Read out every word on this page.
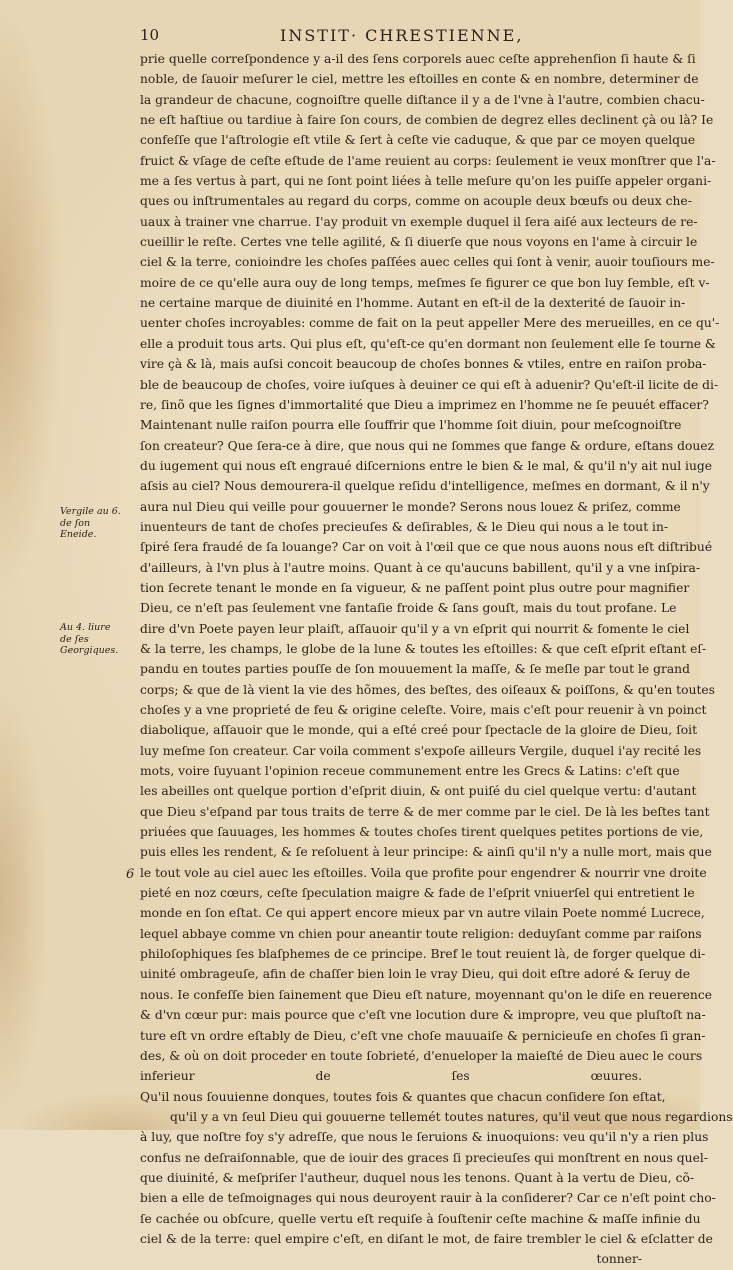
10	INSTIT· CHRESTIENNE,
Vergile au 6. de ſon Eneide.
Au 4. liure de ſes Georgiques.
6
prie quelle correſpondence y a-il des ſens corporels auec ceſte apprehenſion ſi haute & ſi
noble, de ſauoir meſurer le ciel, mettre les eſtoilles en conte & en nombre, determiner de
la grandeur de chacune, cognoiſtre quelle diſtance il y a de l'vne à l'autre, combien chacu-
ne eſt haſtiue ou tardiue à faire ſon cours, de combien de degrez elles declinent çà ou là? Ie
confeſſe que l'aſtrologie eſt vtile & ſert à ceſte vie caduque, & que par ce moyen quelque
fruict & vſage de ceſte eſtude de l'ame reuient au corps: ſeulement ie veux monſtrer que l'a-
me a ſes vertus à part, qui ne ſont point liées à telle meſure qu'on les puiſſe appeler organi-
ques ou inſtrumentales au regard du corps, comme on acouple deux bœufs ou deux che-
uaux à trainer vne charrue. I'ay produit vn exemple duquel il ſera aiſé aux lecteurs de re-
cueillir le reſte. Certes vne telle agilité, & ſi diuerſe que nous voyons en l'ame à circuir le
ciel & la terre, conioindre les choſes paſſées auec celles qui ſont à venir, auoir touſiours me-
moire de ce qu'elle aura ouy de long temps, meſmes ſe figurer ce que bon luy ſemble, eſt v-
ne certaine marque de diuinité en l'homme. Autant en eſt-il de la dexterité de ſauoir in-
uenter choſes incroyables: comme de fait on la peut appeller Mere des merueilles, en ce qu'-
elle a produit tous arts. Qui plus eſt, qu'eſt-ce qu'en dormant non ſeulement elle ſe tourne &
vire çà & là, mais auſsi concoit beaucoup de choſes bonnes & vtiles, entre en raiſon proba-
ble de beaucoup de choſes, voire iuſques à deuiner ce qui eſt à aduenir? Qu'eſt-il licite de di-
re, ſinõ que les ſignes d'immortalité que Dieu a imprimez en l'homme ne ſe peuuét effacer?
Maintenant nulle raiſon pourra elle ſouffrir que l'homme ſoit diuin, pour meſcognoiſtre
ſon createur? Que ſera-ce à dire, que nous qui ne ſommes que fange & ordure, eſtans douez
du iugement qui nous eſt engraué diſcernions entre le bien & le mal, & qu'il n'y ait nul iuge
aſsis au ciel? Nous demourera-il quelque reſidu d'intelligence, meſmes en dormant, & il n'y
aura nul Dieu qui veille pour gouuerner le monde? Serons nous louez & priſez, comme
inuenteurs de tant de choſes precieuſes & deſirables, & le Dieu qui nous a le tout in-
ſpiré ſera fraudé de ſa louange? Car on voit à l'œil que ce que nous auons nous eſt diſtribué
d'ailleurs, à l'vn plus à l'autre moins. Quant à ce qu'aucuns babillent, qu'il y a vne inſpira-
tion ſecrete tenant le monde en ſa vigueur, & ne paſſent point plus outre pour magnifier
Dieu, ce n'eſt pas ſeulement vne fantaſie froide & ſans gouſt, mais du tout profane. Le
dire d'vn Poete payen leur plaiſt, aſſauoir qu'il y a vn eſprit qui nourrit & fomente le ciel
& la terre, les champs, le globe de la lune & toutes les eſtoilles: & que ceſt eſprit eſtant eſ-
pandu en toutes parties pouſſe de ſon mouuement la maſſe, & ſe meſle par tout le grand
corps; & que de là vient la vie des hõmes, des beſtes, des oiſeaux & poiſſons, & qu'en toutes
choſes y a vne proprieté de feu & origine celeſte. Voire, mais c'eſt pour reuenir à vn poinct
diabolique, aſſauoir que le monde, qui a eſté creé pour ſpectacle de la gloire de Dieu, ſoit
luy meſme ſon createur. Car voila comment s'expoſe ailleurs Vergile, duquel i'ay recité les
mots, voire ſuyuant l'opinion receue communement entre les Grecs & Latins: c'eſt que
les abeilles ont quelque portion d'eſprit diuin, & ont puiſé du ciel quelque vertu: d'autant
que Dieu s'eſpand par tous traits de terre & de mer comme par le ciel. De là les beſtes tant
priuées que ſauuages, les hommes & toutes choſes tirent quelques petites portions de vie,
puis elles les rendent, & ſe reſoluent à leur principe: & ainſi qu'il n'y a nulle mort, mais que
le tout vole au ciel auec les eſtoilles. Voila que profite pour engendrer & nourrir vne droite
pieté en noz cœurs, ceſte ſpeculation maigre & fade de l'eſprit vniuerſel qui entretient le
monde en ſon eſtat. Ce qui appert encore mieux par vn autre vilain Poete nommé Lucrece,
lequel abbaye comme vn chien pour aneantir toute religion: deduyſant comme par raiſons
philoſophiques ſes blaſphemes de ce principe. Bref le tout reuient là, de forger quelque di-
uinité ombrageuſe, afin de chaſſer bien loin le vray Dieu, qui doit eſtre adoré & ſeruy de
nous. Ie confeſſe bien ſainement que Dieu eſt nature, moyennant qu'on le diſe en reuerence
& d'vn cœur pur: mais pource que c'eſt vne locution dure & impropre, veu que pluſtoſt na-
ture eſt vn ordre eſtably de Dieu, c'eſt vne choſe mauuaiſe & pernicieuſe en choſes ſi gran-
des, & où on doit proceder en toute ſobrieté, d'enueloper la maieſté de Dieu auec le cours
inferieur de ſes œuures.
Qu'il nous ſouuienne donques, toutes fois & quantes que chacun conſidere ſon eſtat,
qu'il y a vn ſeul Dieu qui gouuerne tellemét toutes natures, qu'il veut que nous regardions
à luy, que noſtre foy s'y adreſſe, que nous le ſeruions & inuoquions: veu qu'il n'y a rien plus
confus ne deſraiſonnable, que de iouir des graces ſi precieuſes qui monſtrent en nous quel-
que diuinité, & meſpriſer l'autheur, duquel nous les tenons. Quant à la vertu de Dieu, cõ-
bien a elle de teſmoignages qui nous deuroyent rauir à la conſiderer? Car ce n'eſt point cho-
ſe cachée ou obſcure, quelle vertu eſt requiſe à ſouſtenir ceſte machine & maſſe infinie du
ciel & de la terre: quel empire c'eſt, en diſant le mot, de faire trembler le ciel & eſclatter de
tonner-
